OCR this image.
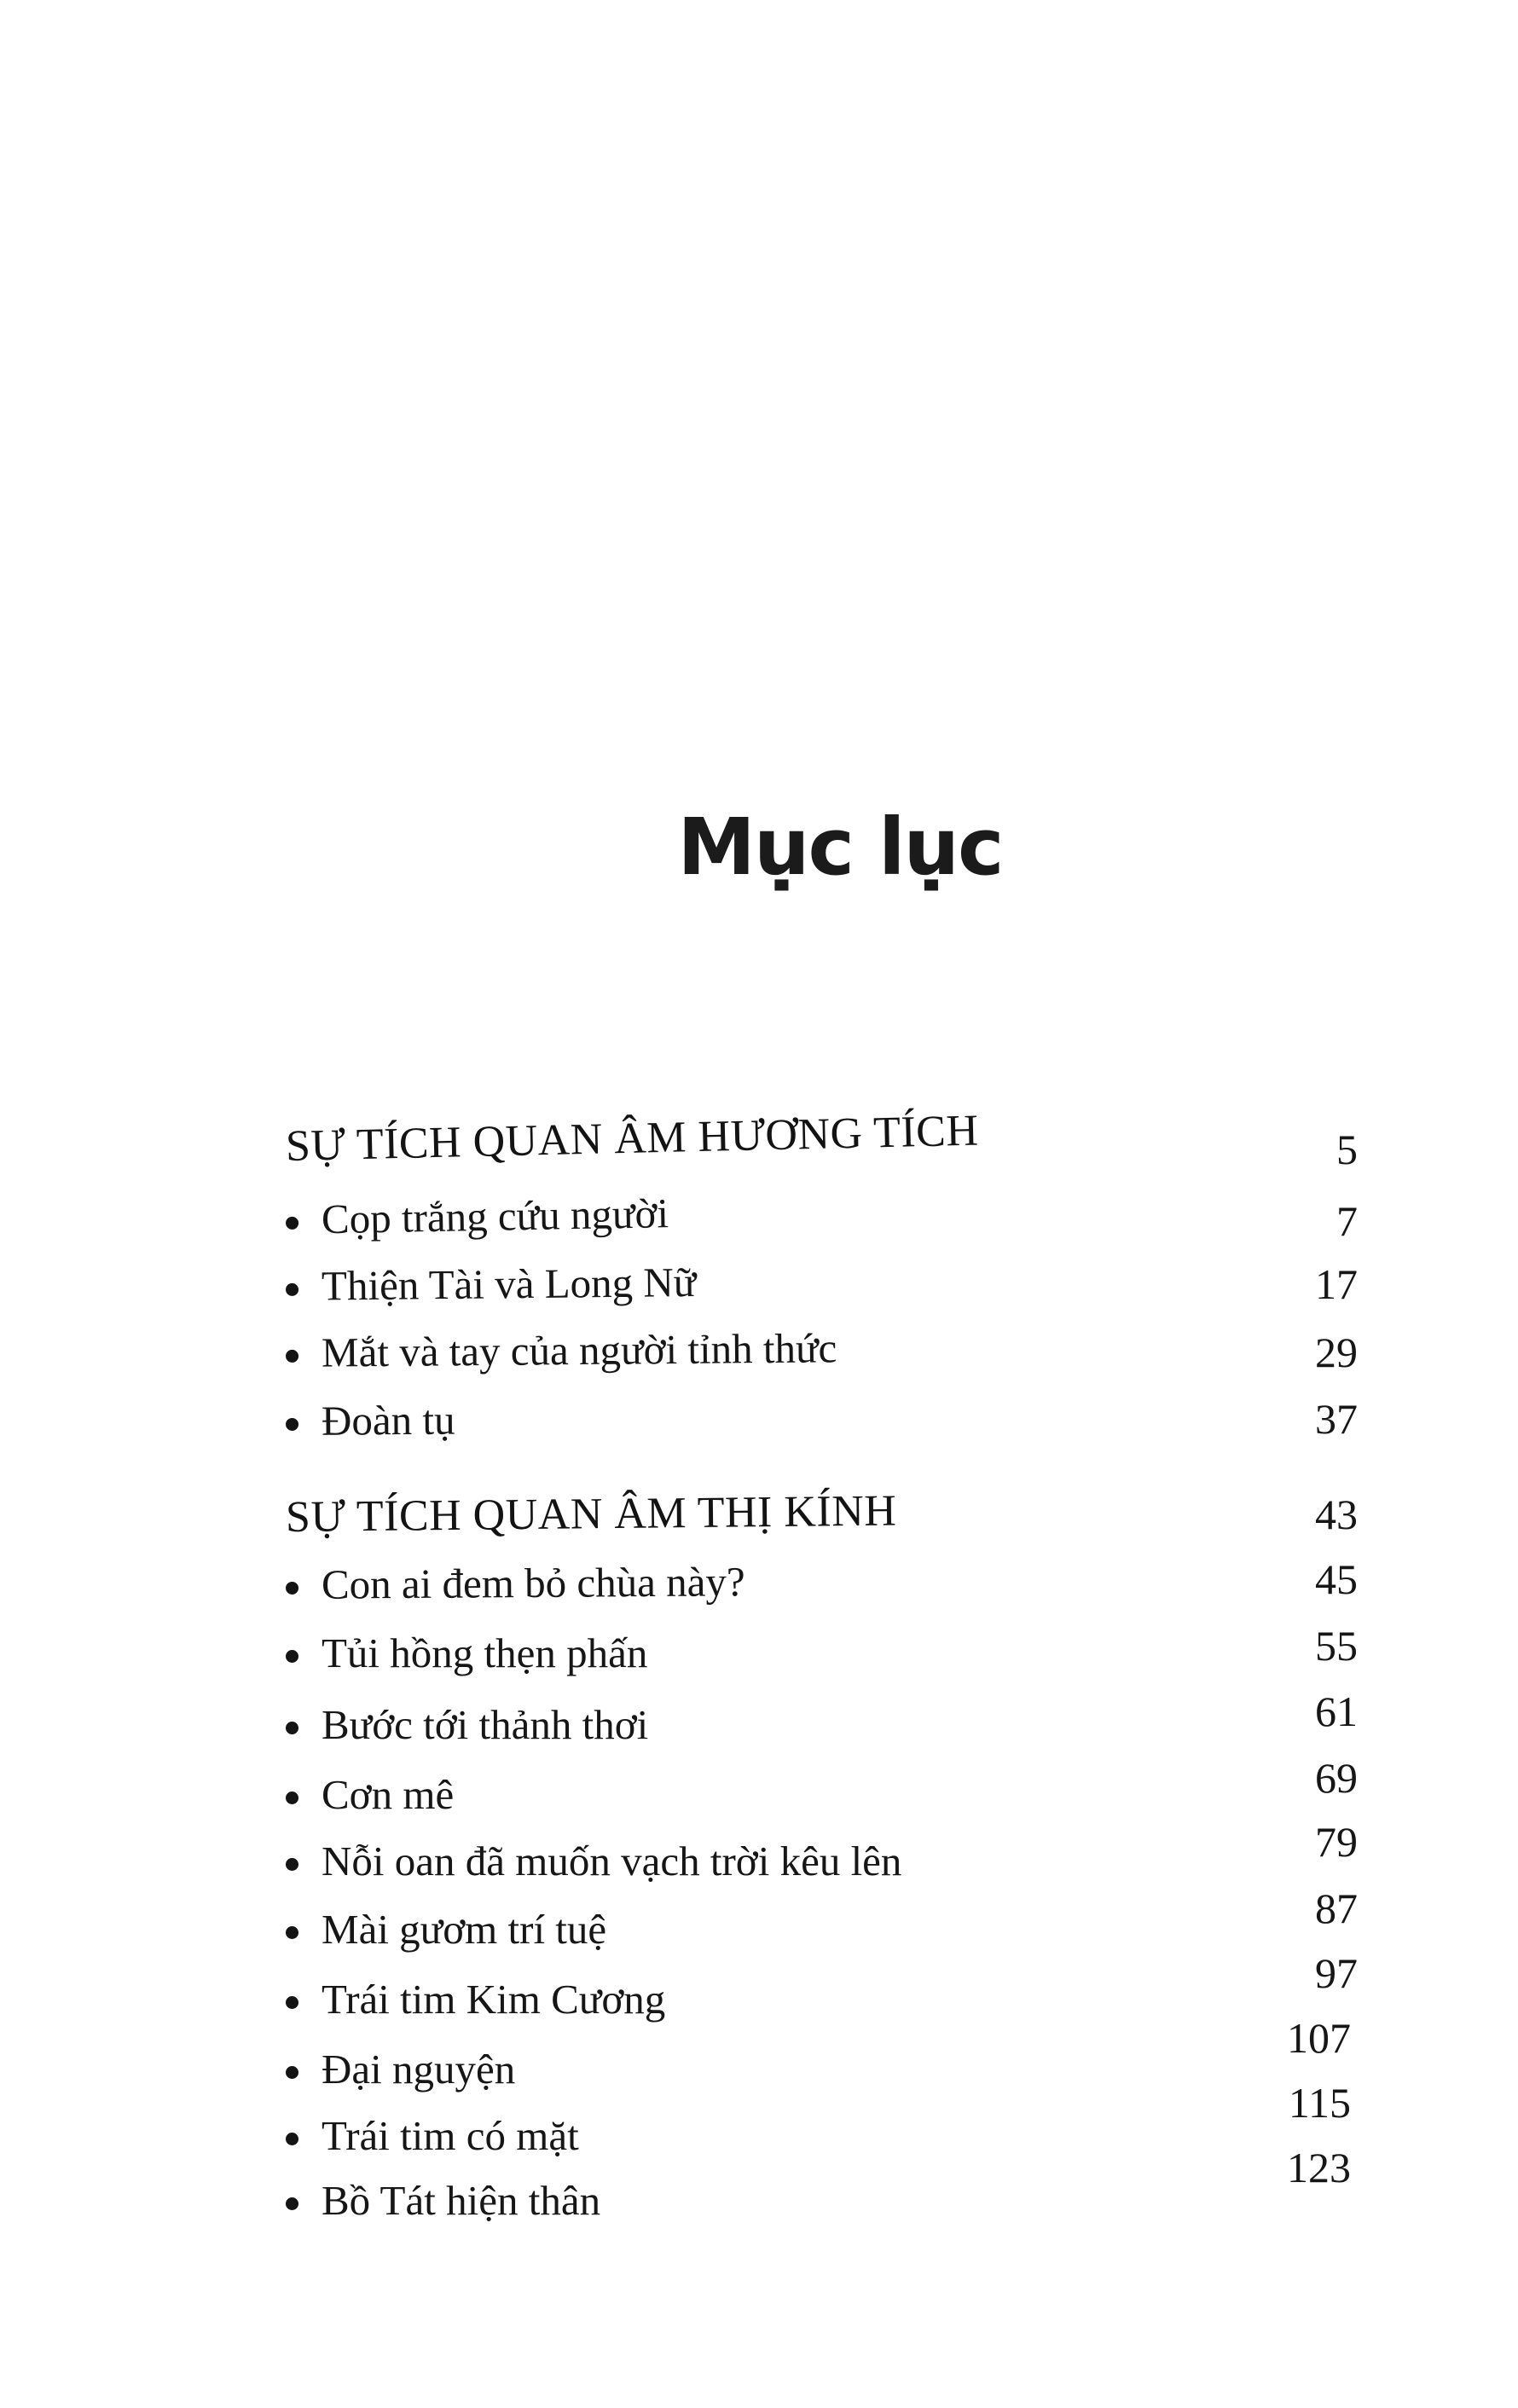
Mục lục
SỰ TÍCH QUAN ÂM HƯƠNG TÍCH
Cọp trắng cứu người
Thiện Tài và Long Nữ
Mắt và tay của người tỉnh thức
Đoàn tụ
SỰ TÍCH QUAN ÂM THỊ KÍNH
Con ai đem bỏ chùa này?
Tủi hồng thẹn phấn
Bước tới thảnh thơi
Cơn mê
Nỗi oan đã muốn vạch trời kêu lên
Mài gươm trí tuệ
Trái tim Kim Cương
Đại nguyện
Trái tim có mặt
Bồ Tát hiện thân
5
7
17
29
37
43
45
55
61
69
79
87
97
107
115
123
